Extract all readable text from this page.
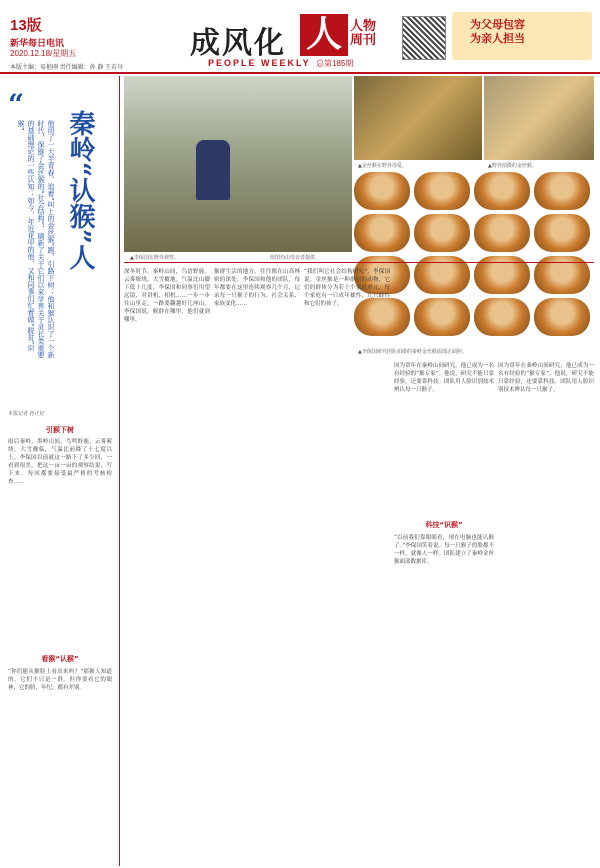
13版
新华每日电讯
2020.12.18/星期五
本版主编：易艳刚 责任编辑：孙 静 王若舟
成风化 人 人物
周刊
PEOPLE WEEKLY 总第185期
为父母包容
为亲人担当
“
他用了一大半青春，追着“叫上的金丝猴”跑，引路下树；他和猴认识了一个新时代，保猕了金丝猴的“社会结构”，刷新了关于它们以来学界关于灵长类重要的基础理论的一些认知；如今，年近花甲的他，又和同事们忙着做“脱贫”识猴”	秦岭“认猴”人
本报记者 孙正好
引猴下树
雨后秦岭，墨岭山间，鸟鸣野鹿，云雾萦绕。大雪骤临，气温比前降了十七度以上。李保国以前就这一路下了多少回，一看到很美，把这一亩一亩的观察结果，写下来。每回都要接受最严格的考核检查……
看猴“认猴”
“你们能从猴脸上看出来吗？”那猴人知道的，它们不只是一群。但你要看它的眼神，它的脸，年纪，都有差别。
▲李保国在野外观察。	组图均由受访者提供
▲金丝猴在野外母爱。	▲野外拍摄的金丝猴。
▲李保国研究团队拍摄的秦岭金丝猴面部正面照。
深冬时节，秦岭山间，鸟语野鹿。云雾缭绕，大雪覆地。气温比山脚下低十几度。李保国和同事们用望远镜、对讲机、相机……一步一步往山里走，一路要翻越好几座山。李保国说，猴群在哪里，他们就到哪里。
猴群生活的地方，往往都在山高林密的深处。李保国和他的团队，每年都要在这里连续观察几个月，记录每一只猴子的行为、社会关系、家族变化……
“我们叫它社会结构研究”，李保国说。金丝猴是一种群居的动物，它们的群体分为若干个家庭单元，每个家庭有一只成年雄性、几只雌性和它们的孩子。
科技“识猴”
因为常年在秦岭山间研究，他已成为一名有经验的“猴专家”。他说，研究不能只靠经验，还要靠科技。团队用人脸识别技术辨认每一只猴子。
“以前我们靠眼睛看，现在电脑也能认猴了。”李保国笑着说。每一只猴子的脸都不一样，就像人一样。团队建立了秦岭金丝猴面部数据库。
因为常年在秦岭山间研究，他已成为一名有经验的“猴专家”。他说，研究不能只靠经验，还要靠科技。团队用人脸识别技术辨认每一只猴子。
